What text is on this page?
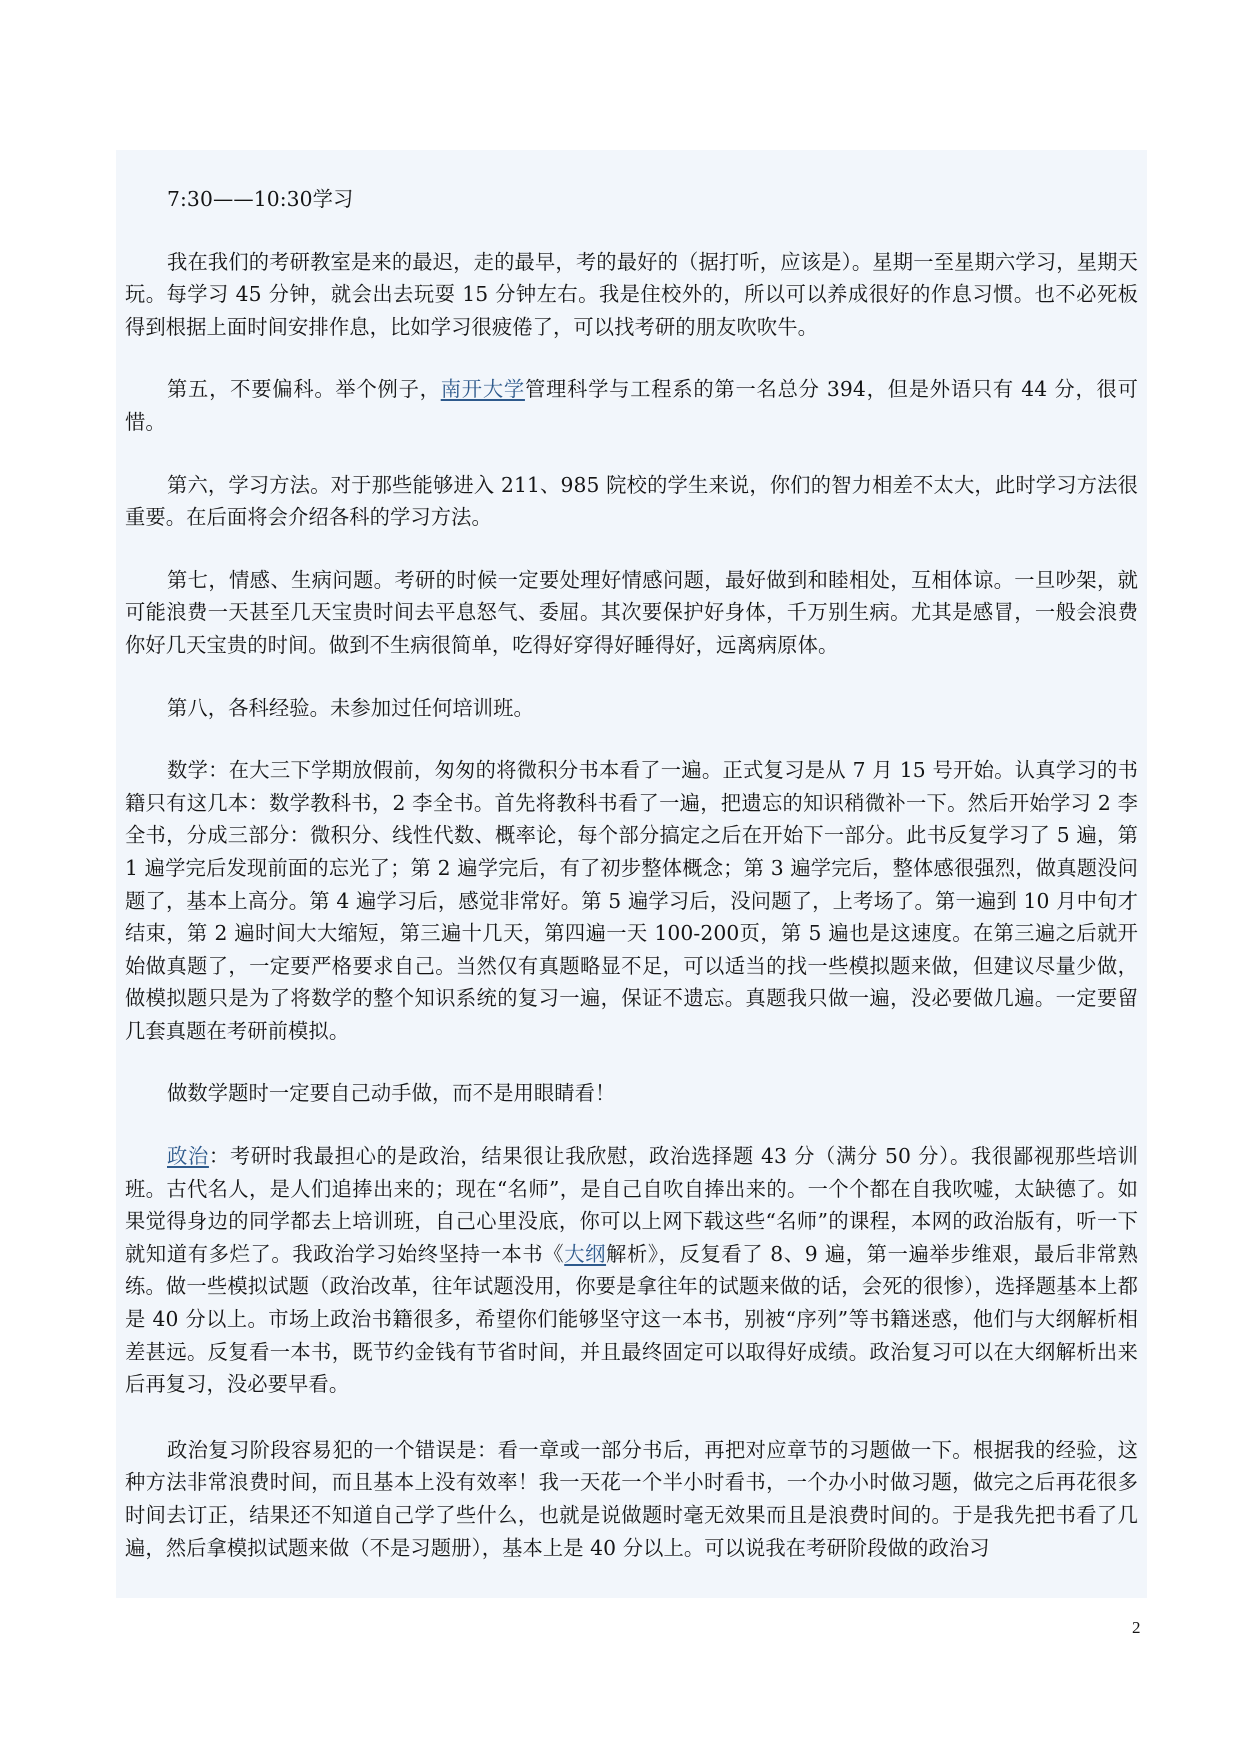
7:30——10:30学习

我在我们的考研教室是来的最迟，走的最早，考的最好的（据打听，应该是）。星期一至星期六学习，星期天玩。每学习 45 分钟，就会出去玩耍 15 分钟左右。我是住校外的，所以可以养成很好的作息习惯。也不必死板得到根据上面时间安排作息，比如学习很疲倦了，可以找考研的朋友吹吹牛。

第五，不要偏科。举个例子，南开大学管理科学与工程系的第一名总分 394，但是外语只有 44 分，很可惜。

第六，学习方法。对于那些能够进入 211、985 院校的学生来说，你们的智力相差不太大，此时学习方法很重要。在后面将会介绍各科的学习方法。

第七，情感、生病问题。考研的时候一定要处理好情感问题，最好做到和睦相处，互相体谅。一旦吵架，就可能浪费一天甚至几天宝贵时间去平息怒气、委屈。其次要保护好身体，千万别生病。尤其是感冒，一般会浪费你好几天宝贵的时间。做到不生病很简单，吃得好穿得好睡得好，远离病原体。

第八，各科经验。未参加过任何培训班。

数学：在大三下学期放假前，匆匆的将微积分书本看了一遍。正式复习是从 7 月 15 号开始。认真学习的书籍只有这几本：数学教科书，2 李全书。首先将教科书看了一遍，把遗忘的知识稍微补一下。然后开始学习 2 李全书，分成三部分：微积分、线性代数、概率论，每个部分搞定之后在开始下一部分。此书反复学习了 5 遍，第 1 遍学完后发现前面的忘光了；第 2 遍学完后，有了初步整体概念；第 3 遍学完后，整体感很强烈，做真题没问题了，基本上高分。第 4 遍学习后，感觉非常好。第 5 遍学习后，没问题了，上考场了。第一遍到 10 月中旬才结束，第 2 遍时间大大缩短，第三遍十几天，第四遍一天 100-200页，第 5 遍也是这速度。在第三遍之后就开始做真题了，一定要严格要求自己。当然仅有真题略显不足，可以适当的找一些模拟题来做，但建议尽量少做，做模拟题只是为了将数学的整个知识系统的复习一遍，保证不遗忘。真题我只做一遍，没必要做几遍。一定要留几套真题在考研前模拟。

做数学题时一定要自己动手做，而不是用眼睛看！

政治：考研时我最担心的是政治，结果很让我欣慰，政治选择题 43 分（满分 50 分）。我很鄙视那些培训班。古代名人，是人们追捧出来的；现在“名师”，是自己自吹自捧出来的。一个个都在自我吹嘘，太缺德了。如果觉得身边的同学都去上培训班，自己心里没底，你可以上网下载这些“名师”的课程，本网的政治版有，听一下就知道有多烂了。我政治学习始终坚持一本书《大纲解析》，反复看了 8、9 遍，第一遍举步维艰，最后非常熟练。做一些模拟试题（政治改革，往年试题没用，你要是拿往年的试题来做的话，会死的很惨），选择题基本上都是 40 分以上。市场上政治书籍很多，希望你们能够坚守这一本书，别被“序列”等书籍迷惑，他们与大纲解析相差甚远。反复看一本书，既节约金钱有节省时间，并且最终固定可以取得好成绩。政治复习可以在大纲解析出来后再复习，没必要早看。

政治复习阶段容易犯的一个错误是：看一章或一部分书后，再把对应章节的习题做一下。根据我的经验，这种方法非常浪费时间，而且基本上没有效率！我一天花一个半小时看书，一个办小时做习题，做完之后再花很多时间去订正，结果还不知道自己学了些什么，也就是说做题时毫无效果而且是浪费时间的。于是我先把书看了几遍，然后拿模拟试题来做（不是习题册），基本上是 40 分以上。可以说我在考研阶段做的政治习

2
